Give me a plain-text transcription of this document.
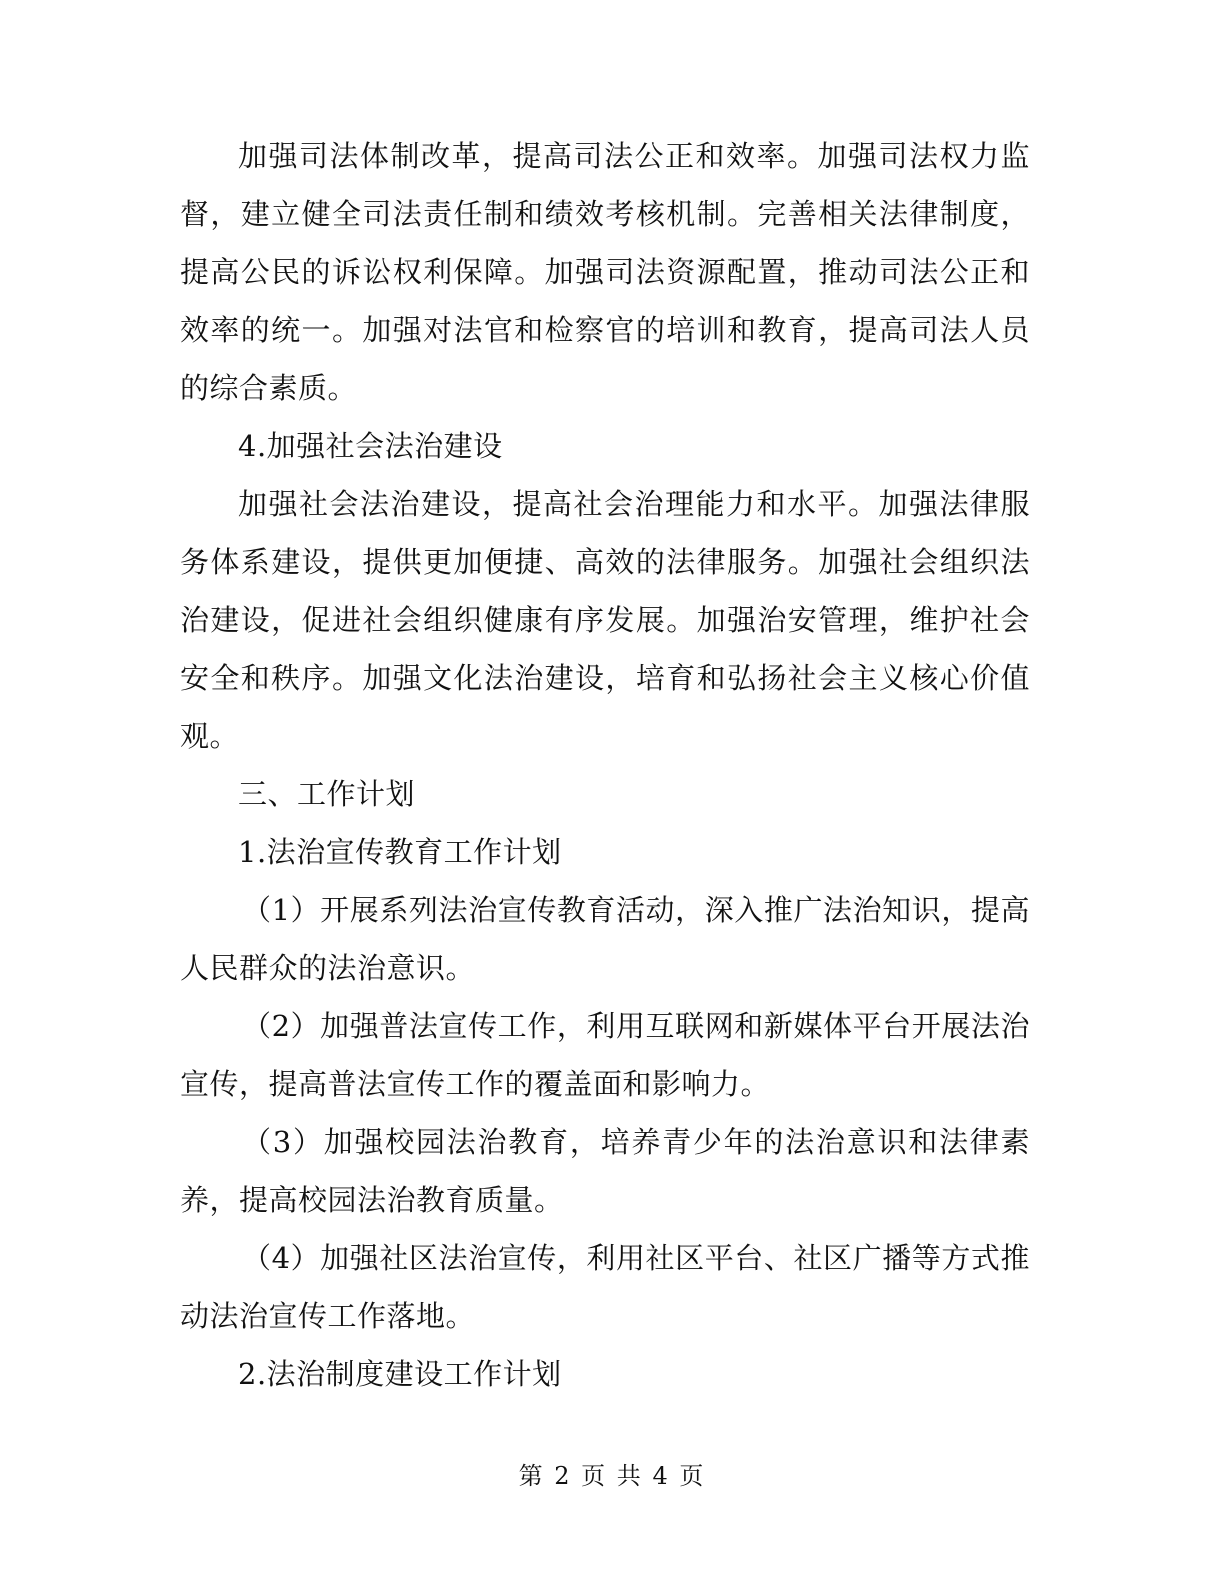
加强司法体制改革，提高司法公正和效率。加强司法权力监督，建立健全司法责任制和绩效考核机制。完善相关法律制度，提高公民的诉讼权利保障。加强司法资源配置，推动司法公正和效率的统一。加强对法官和检察官的培训和教育，提高司法人员的综合素质。

4.加强社会法治建设

加强社会法治建设，提高社会治理能力和水平。加强法律服务体系建设，提供更加便捷、高效的法律服务。加强社会组织法治建设，促进社会组织健康有序发展。加强治安管理，维护社会安全和秩序。加强文化法治建设，培育和弘扬社会主义核心价值观。

三、工作计划

1.法治宣传教育工作计划

（1）开展系列法治宣传教育活动，深入推广法治知识，提高人民群众的法治意识。

（2）加强普法宣传工作，利用互联网和新媒体平台开展法治宣传，提高普法宣传工作的覆盖面和影响力。

（3）加强校园法治教育，培养青少年的法治意识和法律素养，提高校园法治教育质量。

（4）加强社区法治宣传，利用社区平台、社区广播等方式推动法治宣传工作落地。

2.法治制度建设工作计划

第 2 页 共 4 页
